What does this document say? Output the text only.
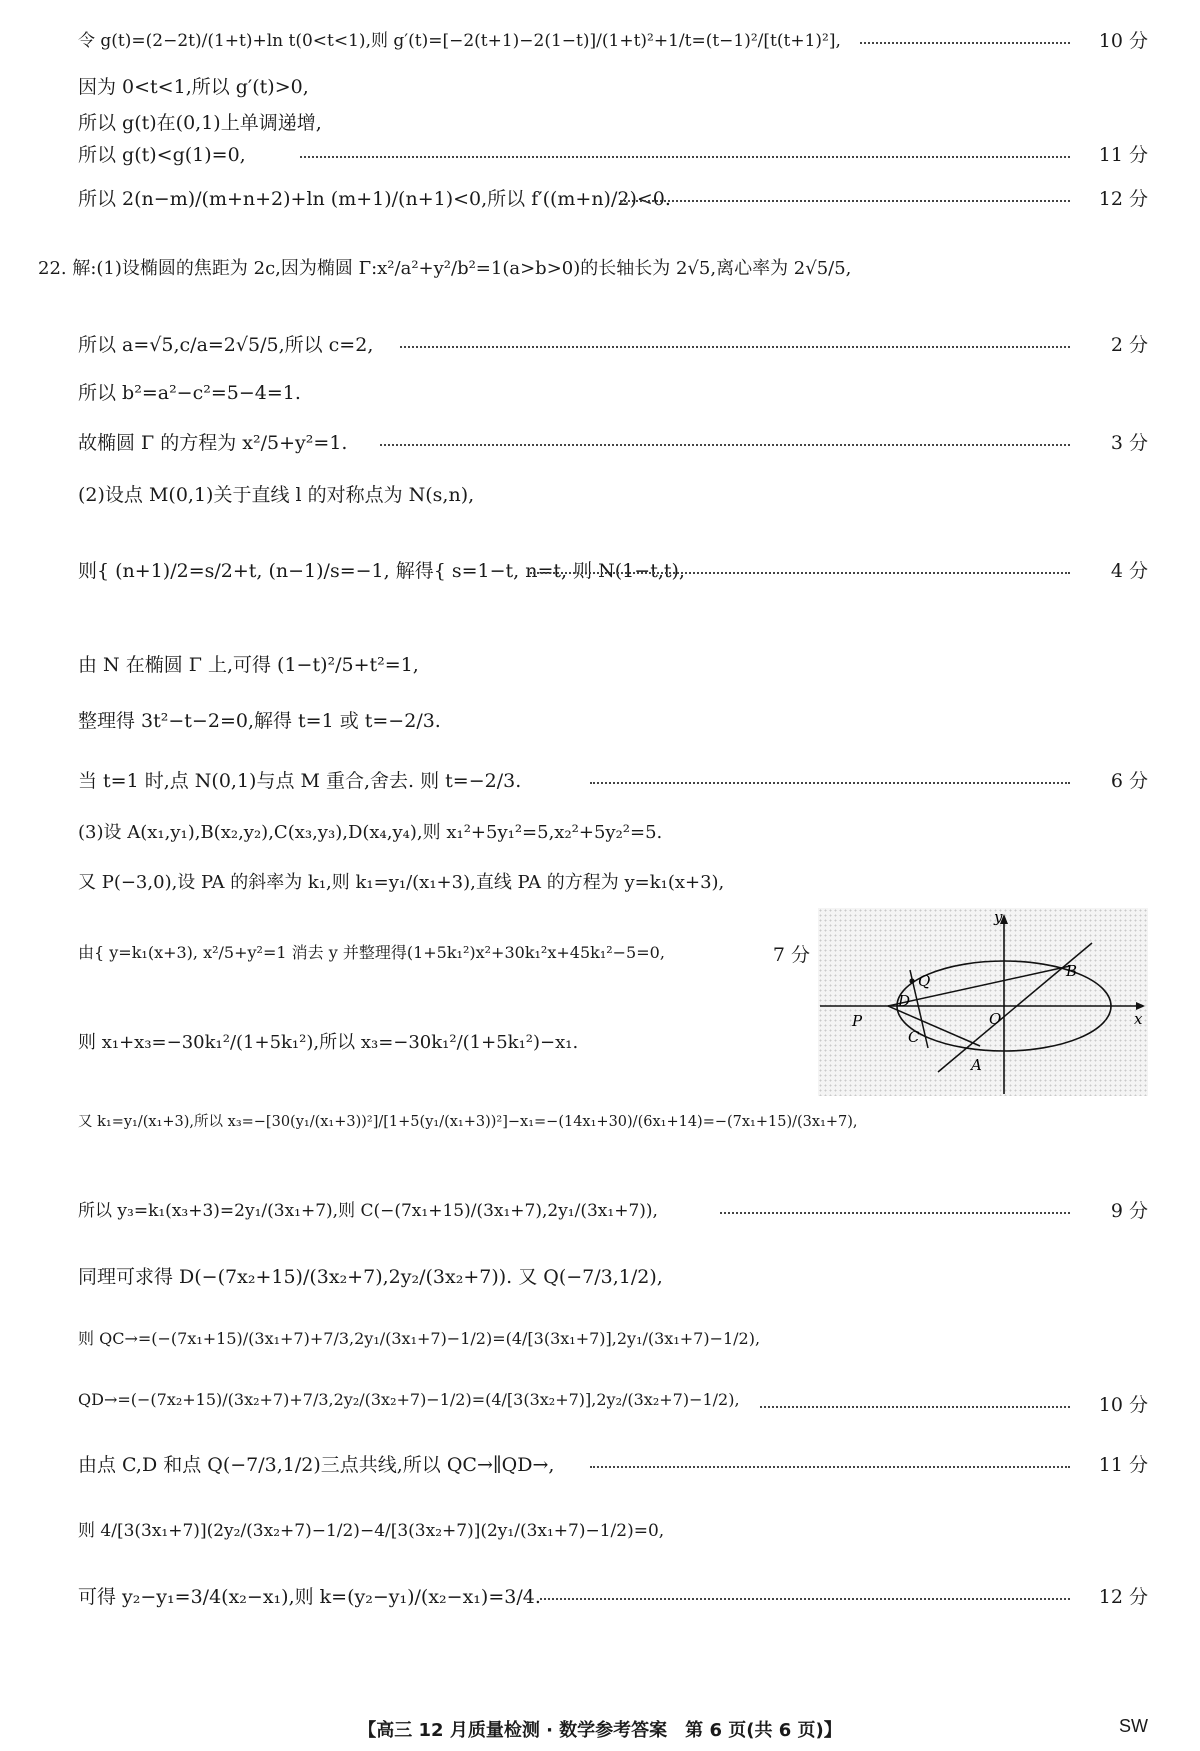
令 g(t)=(2−2t)/(1+t)+ln t(0<t<1),则 g′(t)=[−2(t+1)−2(1−t)]/(1+t)²+1/t=(t−1)²/[t(t+1)²],	10 分
因为 0<t<1,所以 g′(t)>0,
所以 g(t)在(0,1)上单调递增,
所以 g(t)<g(1)=0,	11 分
所以 2(n−m)/(m+n+2)+ln (m+1)/(n+1)<0,所以 f′((m+n)/2)<0.	12 分
22. 解:(1)设椭圆的焦距为 2c,因为椭圆 Γ:x²/a²+y²/b²=1(a>b>0)的长轴长为 2√5,离心率为 2√5/5,
所以 a=√5,c/a=2√5/5,所以 c=2,	2 分
所以 b²=a²−c²=5−4=1.
故椭圆 Γ 的方程为 x²/5+y²=1.	3 分
(2)设点 M(0,1)关于直线 l 的对称点为 N(s,n),
则{ (n+1)/2=s/2+t, (n−1)/s=−1, 解得{ s=1−t, n=t, 则 N(1−t,t),	4 分
由 N 在椭圆 Γ 上,可得 (1−t)²/5+t²=1,
整理得 3t²−t−2=0,解得 t=1 或 t=−2/3.
当 t=1 时,点 N(0,1)与点 M 重合,舍去. 则 t=−2/3.	6 分
(3)设 A(x₁,y₁),B(x₂,y₂),C(x₃,y₃),D(x₄,y₄),则 x₁²+5y₁²=5,x₂²+5y₂²=5.
又 P(−3,0),设 PA 的斜率为 k₁,则 k₁=y₁/(x₁+3),直线 PA 的方程为 y=k₁(x+3),
由{ y=k₁(x+3), x²/5+y²=1 消去 y 并整理得(1+5k₁²)x²+30k₁²x+45k₁²−5=0,	7 分
则 x₁+x₃=−30k₁²/(1+5k₁²),所以 x₃=−30k₁²/(1+5k₁²)−x₁.
又 k₁=y₁/(x₁+3),所以 x₃=−[30(y₁/(x₁+3))²]/[1+5(y₁/(x₁+3))²]−x₁=−(14x₁+30)/(6x₁+14)=−(7x₁+15)/(3x₁+7),
所以 y₃=k₁(x₃+3)=2y₁/(3x₁+7),则 C(−(7x₁+15)/(3x₁+7),2y₁/(3x₁+7)),	9 分
同理可求得 D(−(7x₂+15)/(3x₂+7),2y₂/(3x₂+7)). 又 Q(−7/3,1/2),
则 QC→=(−(7x₁+15)/(3x₁+7)+7/3,2y₁/(3x₁+7)−1/2)=(4/[3(3x₁+7)],2y₁/(3x₁+7)−1/2),
QD→=(−(7x₂+15)/(3x₂+7)+7/3,2y₂/(3x₂+7)−1/2)=(4/[3(3x₂+7)],2y₂/(3x₂+7)−1/2),	10 分
由点 C,D 和点 Q(−7/3,1/2)三点共线,所以 QC→∥QD→,	11 分
则 4/[3(3x₁+7)](2y₂/(3x₂+7)−1/2)−4/[3(3x₂+7)](2y₁/(3x₁+7)−1/2)=0,
可得 y₂−y₁=3/4(x₂−x₁),则 k=(y₂−y₁)/(x₂−x₁)=3/4.	12 分
y
x
Q
B
D
O
P
C
A
【高三 12 月质量检测 · 数学参考答案　第 6 页(共 6 页)】	SW
